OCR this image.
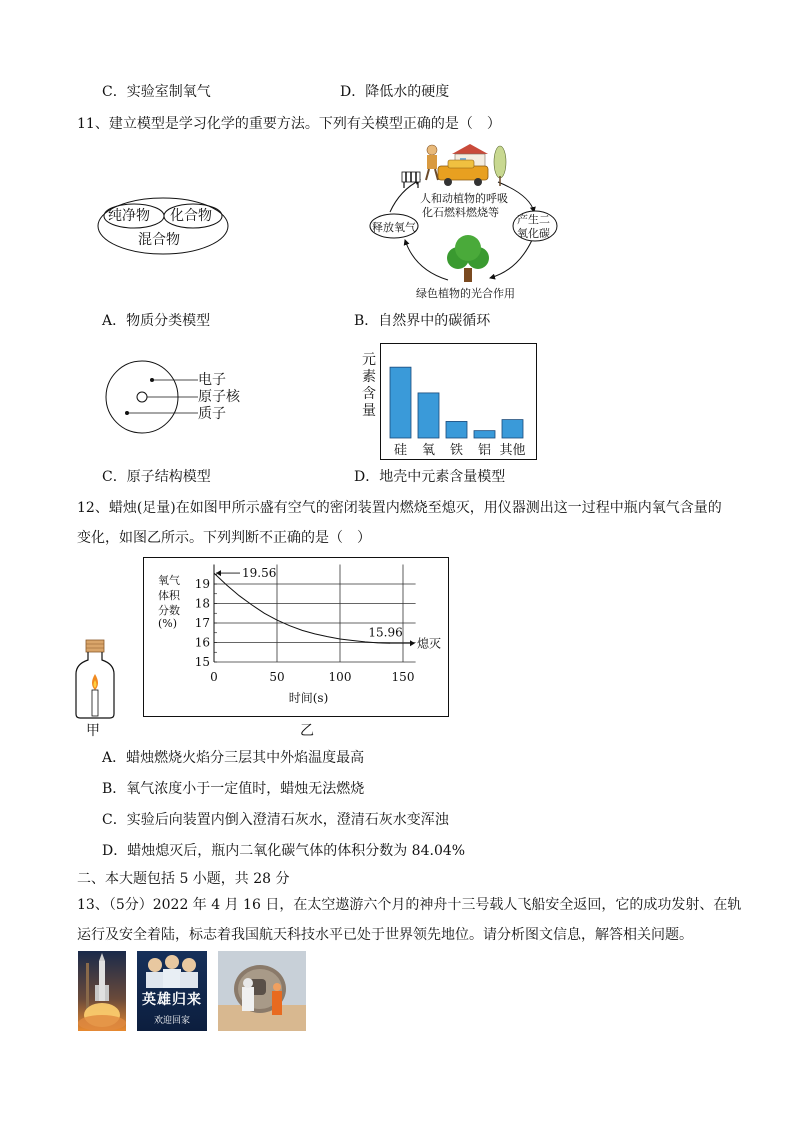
C．实验室制氧气	D．降低水的硬度
11、建立模型是学习化学的重要方法。下列有关模型正确的是（　）
纯净物 化合物
混合物
A．物质分类模型
人和动植物的呼吸
化石燃料燃烧等
释放氧气
产生二
氧化碳
绿色植物的光合作用
B．自然界中的碳循环
电子
原子核
质子
C．原子结构模型
元素含量
硅 氧 铁 铝 其他
D．地壳中元素含量模型
12、蜡烛(足量)在如图甲所示盛有空气的密闭装置内燃烧至熄灭，用仪器测出这一过程中瓶内氧气含量的
变化，如图乙所示。下列判断不正确的是（　）
甲
氧气
体积
分数
(%)
15
16
17
18
19
0	50	100	150
19.56
15.96
熄灭
时间(s)
乙
A．蜡烛燃烧火焰分三层其中外焰温度最高
B．氧气浓度小于一定值时，蜡烛无法燃烧
C．实验后向装置内倒入澄清石灰水，澄清石灰水变浑浊
D．蜡烛熄灭后，瓶内二氧化碳气体的体积分数为 84.04%
二、本大题包括 5 小题，共 28 分
13、（5分）2022 年 4 月 16 日，在太空遨游六个月的神舟十三号载人飞船安全返回，它的成功发射、在轨
运行及安全着陆，标志着我国航天科技水平已处于世界领先地位。请分析图文信息，解答相关问题。
英雄归来
欢迎回家
